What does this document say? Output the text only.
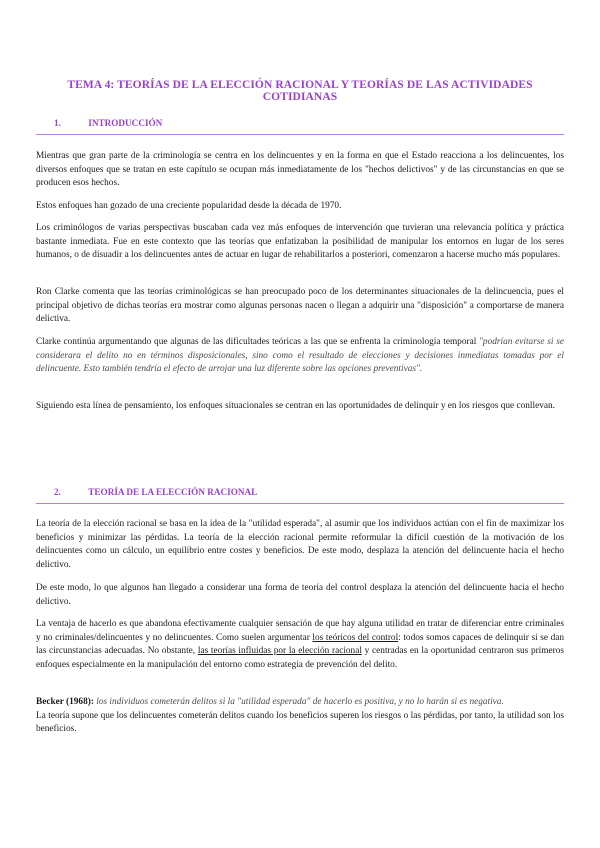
TEMA 4: TEORÍAS DE LA ELECCIÓN RACIONAL Y TEORÍAS DE LAS ACTIVIDADES COTIDIANAS
1.	INTRODUCCIÓN

Mientras que gran parte de la criminología se centra en los delincuentes y en la forma en que el Estado reacciona a los delincuentes, los diversos enfoques que se tratan en este capítulo se ocupan más inmediatamente de los "hechos delictivos" y de las circunstancias en que se producen esos hechos.

Estos enfoques han gozado de una creciente popularidad desde la década de 1970.

Los criminólogos de varias perspectivas buscaban cada vez más enfoques de intervención que tuvieran una relevancia política y práctica bastante inmediata. Fue en este contexto que las teorías que enfatizaban la posibilidad de manipular los entornos en lugar de los seres humanos, o de disuadir a los delincuentes antes de actuar en lugar de rehabilitarlos a posteriori, comenzaron a hacerse mucho más populares.

Ron Clarke comenta que las teorías criminológicas se han preocupado poco de los determinantes situacionales de la delincuencia, pues el principal objetivo de dichas teorías era mostrar como algunas personas nacen o llegan a adquirir una "disposición" a comportarse de manera delictiva.

Clarke continúa argumentando que algunas de las dificultades teóricas a las que se enfrenta la criminología temporal "podrían evitarse si se considerara el delito no en términos disposicionales, sino como el resultado de elecciones y decisiones inmediatas tomadas por el delincuente. Esto también tendría el efecto de arrojar una luz diferente sobre las opciones preventivas".

Siguiendo esta línea de pensamiento, los enfoques situacionales se centran en las oportunidades de delinquir y en los riesgos que conllevan.

2.	TEORÍA DE LA ELECCIÓN RACIONAL

La teoría de la elección racional se basa en la idea de la "utilidad esperada", al asumir que los individuos actúan con el fin de maximizar los beneficios y minimizar las pérdidas. La teoría de la elección racional permite reformular la difícil cuestión de la motivación de los delincuentes como un cálculo, un equilibrio entre costes y beneficios. De este modo, desplaza la atención del delincuente hacia el hecho delictivo.

De este modo, lo que algunos han llegado a considerar una forma de teoría del control desplaza la atención del delincuente hacia el hecho delictivo.

La ventaja de hacerlo es que abandona efectivamente cualquier sensación de que hay alguna utilidad en tratar de diferenciar entre criminales y no criminales/delincuentes y no delincuentes. Como suelen argumentar los teóricos del control: todos somos capaces de delinquir si se dan las circunstancias adecuadas. No obstante, las teorías influidas por la elección racional y centradas en la oportunidad centraron sus primeros enfoques especialmente en la manipulación del entorno como estrategia de prevención del delito.

Becker (1968): los individuos cometerán delitos si la "utilidad esperada" de hacerlo es positiva, y no lo harán si es negativa.

La teoría supone que los delincuentes cometerán delitos cuando los beneficios superen los riesgos o las pérdidas, por tanto, la utilidad son los beneficios.
